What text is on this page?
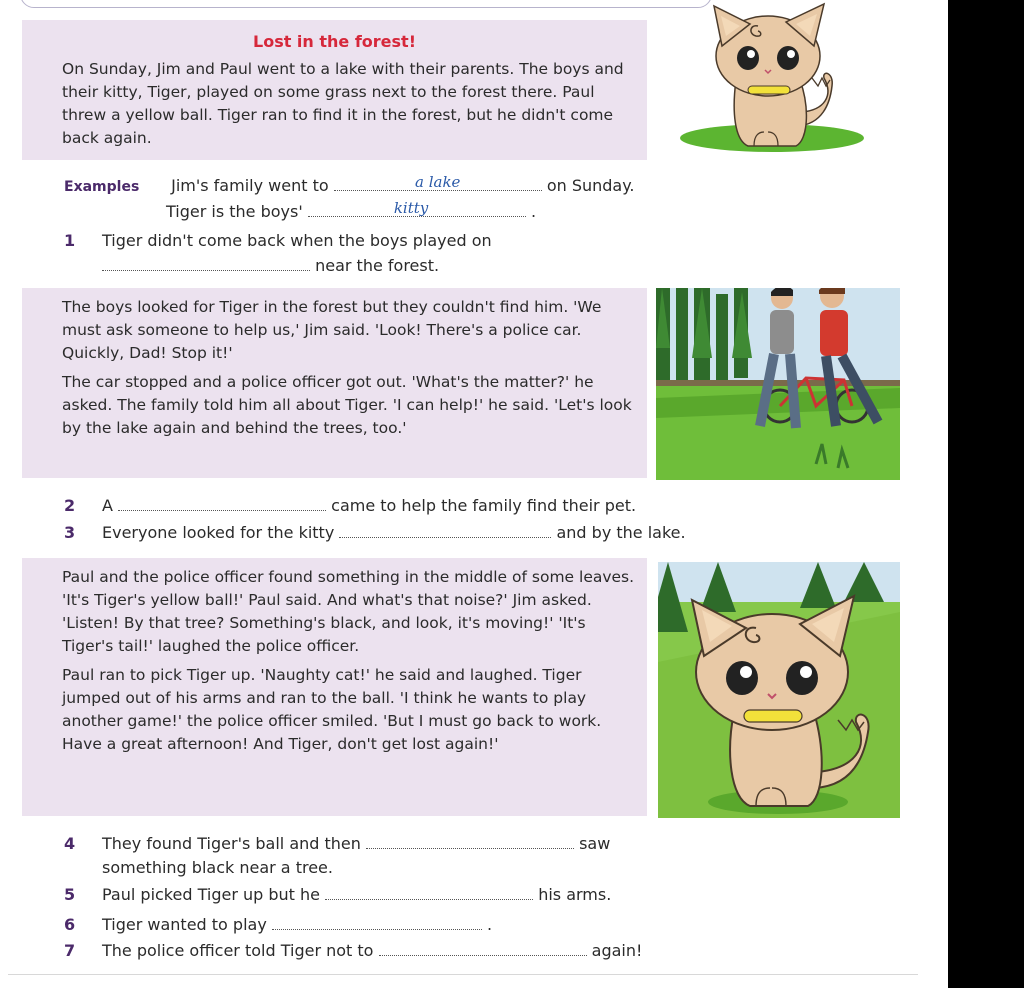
Lost in the forest!

On Sunday, Jim and Paul went to a lake with their parents. The boys and their kitty, Tiger, played on some grass next to the forest there. Paul threw a yellow ball. Tiger ran to find it in the forest, but he didn't come back again.

Examples Jim's family went to	a lake	on Sunday.
Tiger is the boys'	kitty	.
1 Tiger didn't come back when the boys played on
near the forest.

The boys looked for Tiger in the forest but they couldn't find him. 'We must ask someone to help us,' Jim said. 'Look! There's a police car. Quickly, Dad! Stop it!'

The car stopped and a police officer got out. 'What's the matter?' he asked. The family told him all about Tiger. 'I can help!' he said. 'Let's look by the lake again and behind the trees, too.'

2 A	came to help the family find their pet.
3 Everyone looked for the kitty	and by the lake.

Paul and the police officer found something in the middle of some leaves. 'It's Tiger's yellow ball!' Paul said. And what's that noise?' Jim asked. 'Listen! By that tree? Something's black, and look, it's moving!' 'It's Tiger's tail!' laughed the police officer.

Paul ran to pick Tiger up. 'Naughty cat!' he said and laughed. Tiger jumped out of his arms and ran to the ball. 'I think he wants to play another game!' the police officer smiled. 'But I must go back to work. Have a great afternoon! And Tiger, don't get lost again!'

4 They found Tiger's ball and then	saw
something black near a tree.
5 Paul picked Tiger up but he	his arms.
6 Tiger wanted to play	.
7 The police officer told Tiger not to	again!
